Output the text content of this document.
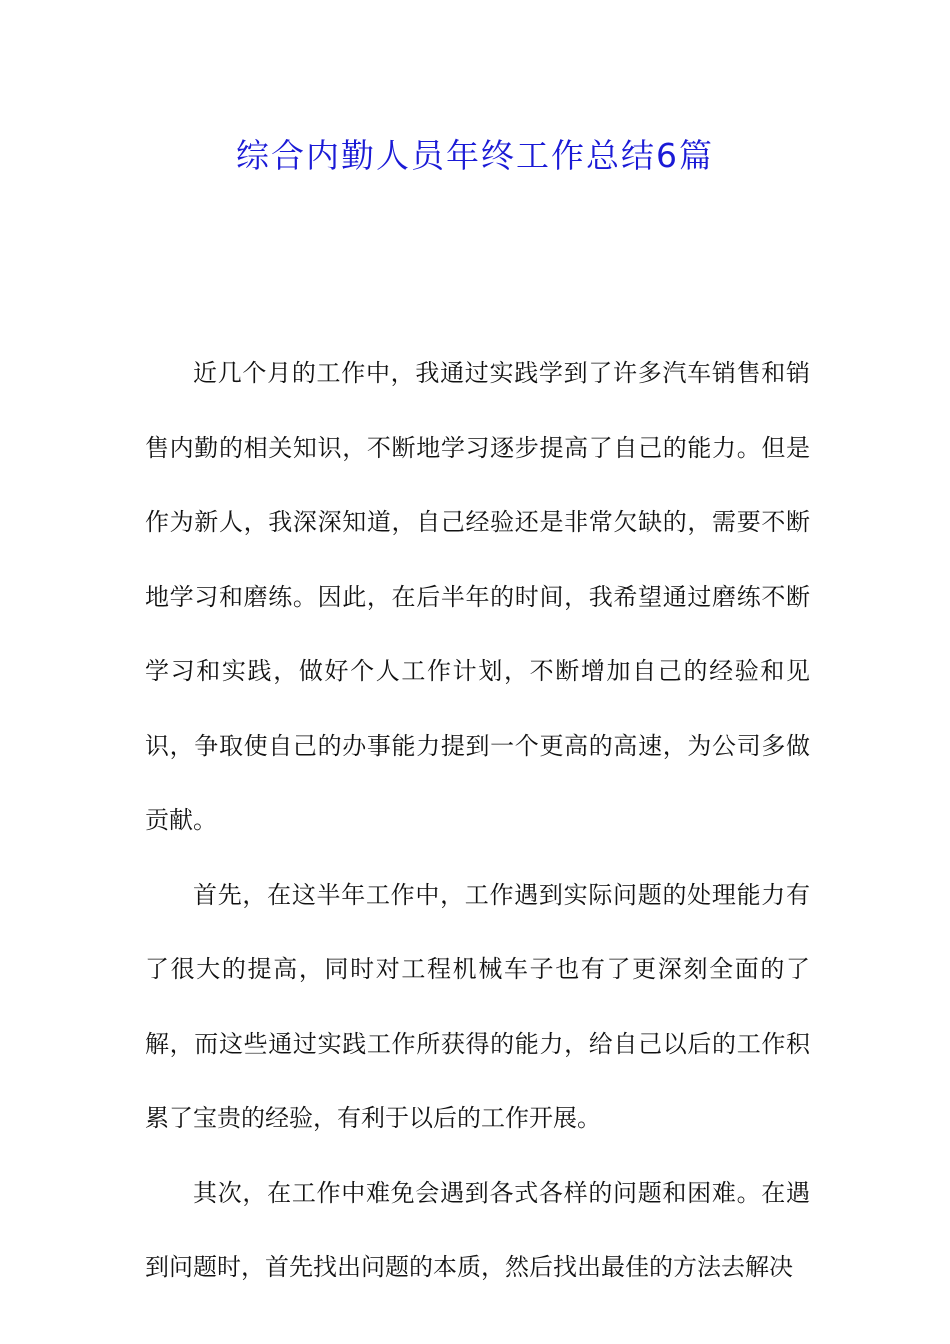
综合内勤人员年终工作总结6篇

近几个月的工作中，我通过实践学到了许多汽车销售和销售内勤的相关知识，不断地学习逐步提高了自己的能力。但是作为新人，我深深知道，自己经验还是非常欠缺的，需要不断地学习和磨练。因此，在后半年的时间，我希望通过磨练不断学习和实践，做好个人工作计划，不断增加自己的经验和见识，争取使自己的办事能力提到一个更高的高速，为公司多做贡献。

首先，在这半年工作中，工作遇到实际问题的处理能力有了很大的提高，同时对工程机械车子也有了更深刻全面的了解，而这些通过实践工作所获得的能力，给自己以后的工作积累了宝贵的经验，有利于以后的工作开展。

其次，在工作中难免会遇到各式各样的问题和困难。在遇到问题时，首先找出问题的本质，然后找出最佳的方法去解决
